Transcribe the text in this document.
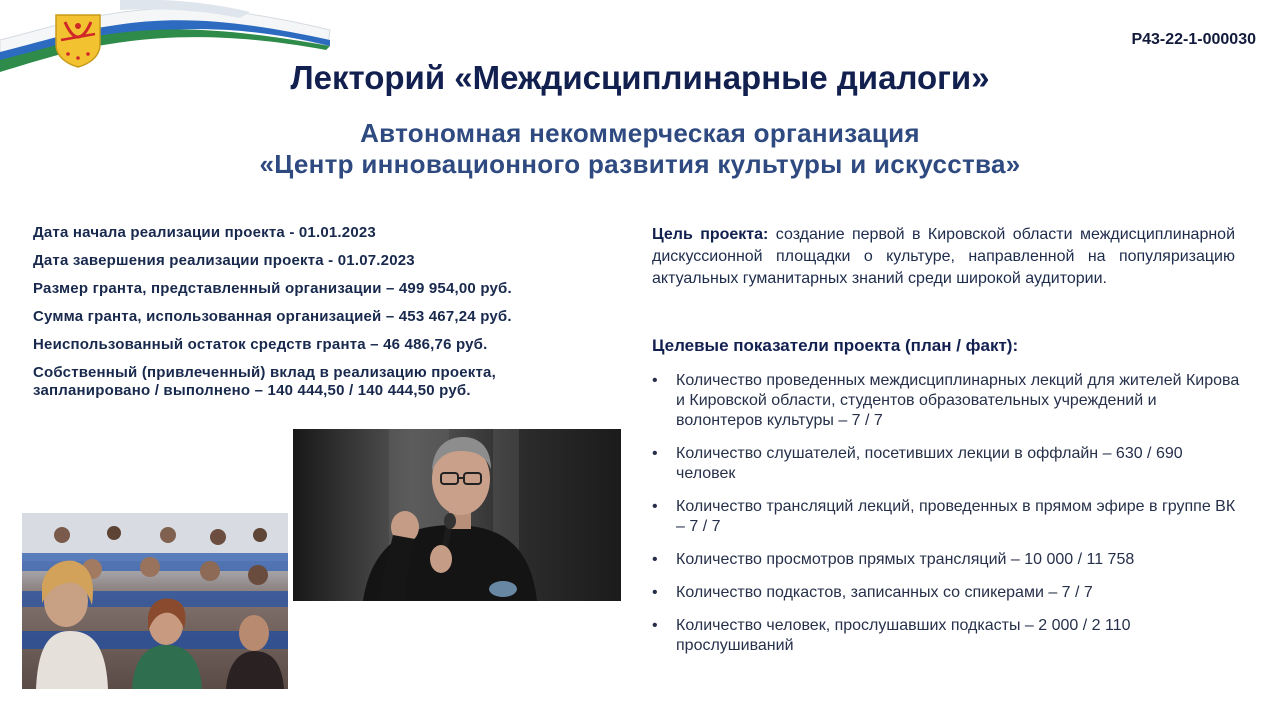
Р43-22-1-000030
Лекторий «Междисциплинарные диалоги»
Автономная некоммерческая организация
«Центр инновационного развития культуры и искусства»
Дата начала реализации проекта - 01.01.2023
Дата завершения реализации проекта - 01.07.2023
Размер гранта, представленный организации – 499 954,00 руб.
Сумма гранта, использованная организацией – 453 467,24 руб.
Неиспользованный остаток средств гранта – 46 486,76 руб.
Собственный (привлеченный) вклад в реализацию проекта,
запланировано / выполнено – 140 444,50 / 140 444,50 руб.
Цель проекта: создание первой в Кировской области междисциплинарной дискуссионной площадки о культуре, направленной на популяризацию актуальных гуманитарных знаний среди широкой аудитории.
Целевые показатели проекта (план / факт):
•	Количество проведенных междисциплинарных лекций для жителей Кирова и Кировской области, студентов образовательных учреждений и волонтеров культуры – 7 / 7
•	Количество слушателей, посетивших лекции в оффлайн – 630 / 690 человек
•	Количество трансляций лекций, проведенных в прямом эфире в группе ВК – 7 / 7
•	Количество просмотров прямых трансляций – 10 000 / 11 758
•	Количество подкастов, записанных со спикерами – 7 / 7
•	Количество человек, прослушавших подкасты – 2 000 / 2 110 прослушиваний
